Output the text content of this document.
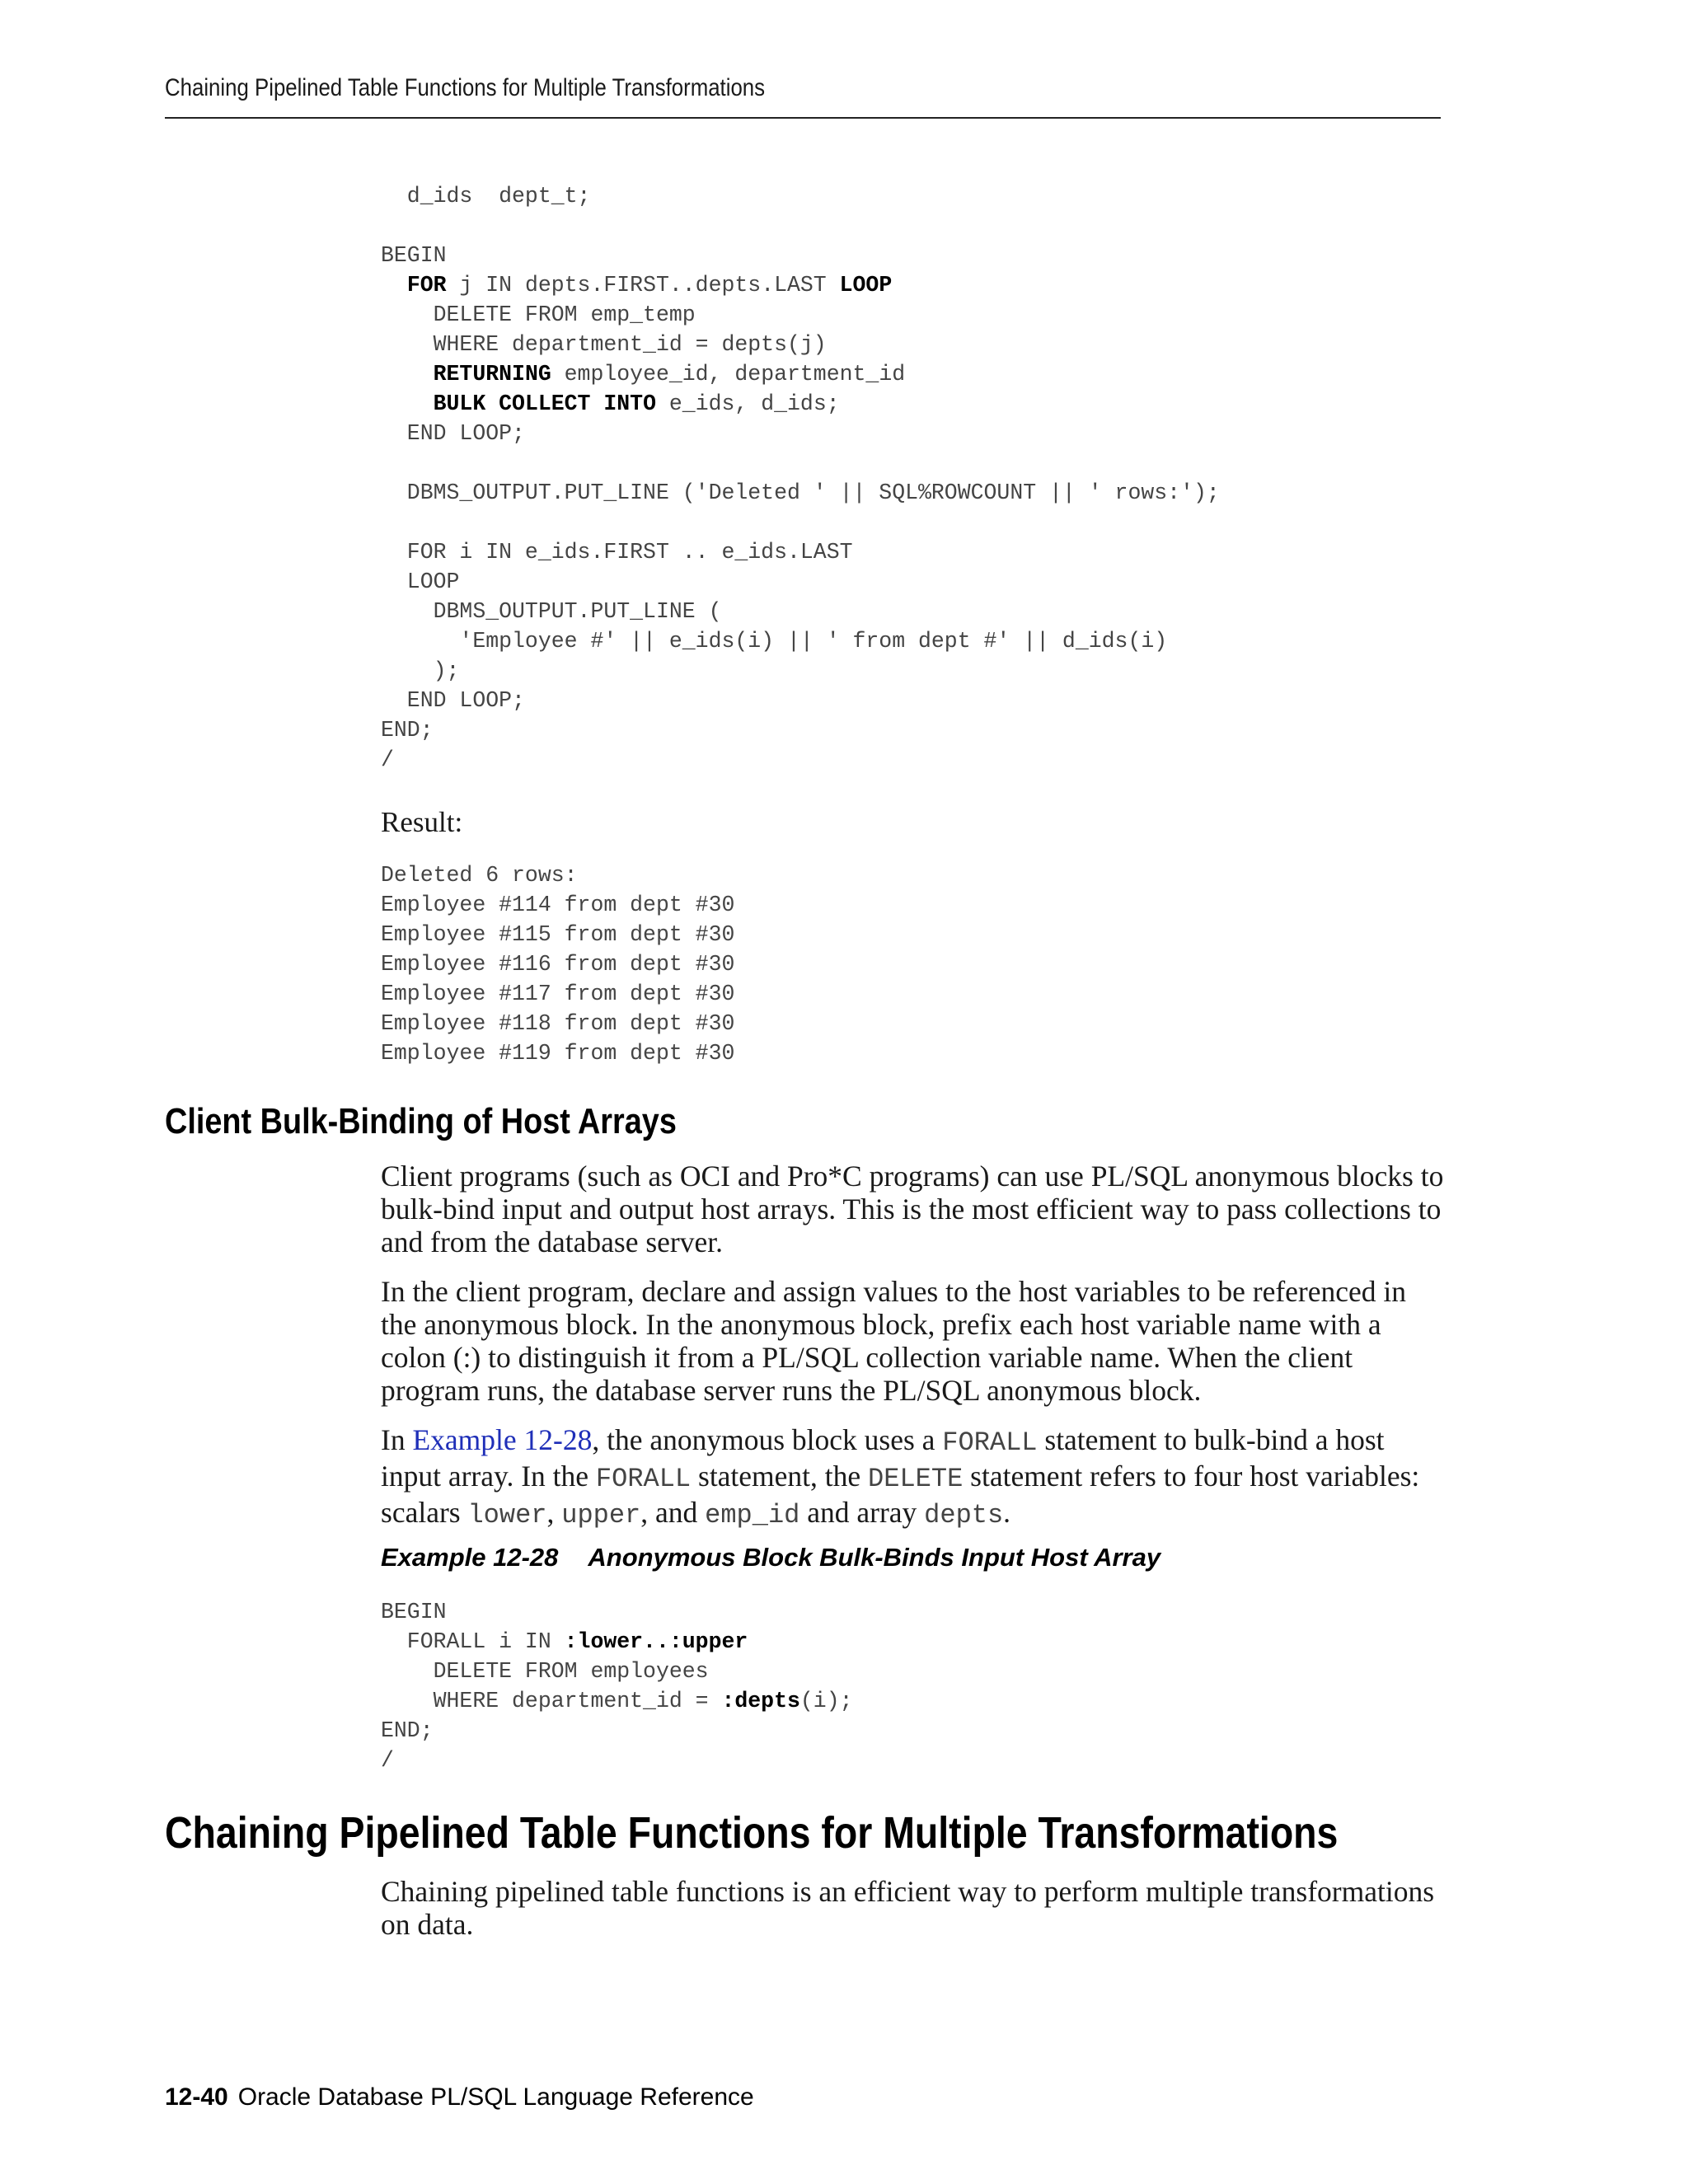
Chaining Pipelined Table Functions for Multiple Transformations
d_ids  dept_t;

BEGIN
FOR j IN depts.FIRST..depts.LAST LOOP
DELETE FROM emp_temp
WHERE department_id = depts(j)
RETURNING employee_id, department_id
BULK COLLECT INTO e_ids, d_ids;
END LOOP;

DBMS_OUTPUT.PUT_LINE ('Deleted ' || SQL%ROWCOUNT || ' rows:');

FOR i IN e_ids.FIRST .. e_ids.LAST
LOOP
DBMS_OUTPUT.PUT_LINE (
'Employee #' || e_ids(i) || ' from dept #' || d_ids(i)
);
END LOOP;
END;
/
Result:
Deleted 6 rows:
Employee #114 from dept #30
Employee #115 from dept #30
Employee #116 from dept #30
Employee #117 from dept #30
Employee #118 from dept #30
Employee #119 from dept #30
Client Bulk-Binding of Host Arrays

Client programs (such as OCI and Pro*C programs) can use PL/SQL anonymous blocks to bulk-bind input and output host arrays. This is the most efficient way to pass collections to and from the database server.

In the client program, declare and assign values to the host variables to be referenced in the anonymous block. In the anonymous block, prefix each host variable name with a colon (:) to distinguish it from a PL/SQL collection variable name. When the client program runs, the database server runs the PL/SQL anonymous block.

In Example 12-28, the anonymous block uses a FORALL statement to bulk-bind a host input array. In the FORALL statement, the DELETE statement refers to four host variables: scalars lower, upper, and emp_id and array depts.

Example 12-28 Anonymous Block Bulk-Binds Input Host Array
BEGIN
FORALL i IN :lower..:upper
DELETE FROM employees
WHERE department_id = :depts(i);
END;
/
Chaining Pipelined Table Functions for Multiple Transformations

Chaining pipelined table functions is an efficient way to perform multiple transformations on data.

12-40 Oracle Database PL/SQL Language Reference
